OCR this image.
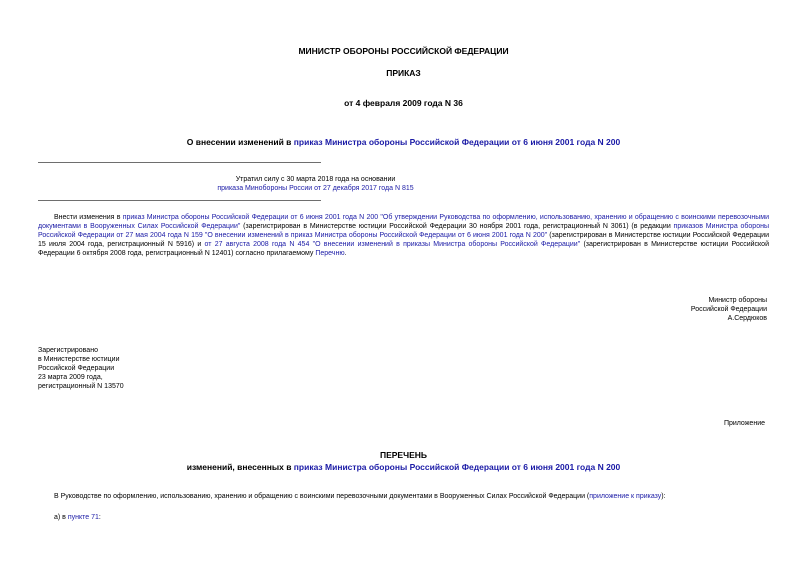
МИНИСТР ОБОРОНЫ РОССИЙСКОЙ ФЕДЕРАЦИИ
ПРИКАЗ
от 4 февраля 2009 года N 36
О внесении изменений в приказ Министра обороны Российской Федерации от 6 июня 2001 года N 200
Утратил силу с 30 марта 2018 года на основании
приказа Минобороны России от 27 декабря 2017 года N 815
Внести изменения в приказ Министра обороны Российской Федерации от 6 июня 2001 года N 200 "Об утверждении Руководства по оформлению, использованию, хранению и обращению с воинскими перевозочными документами в Вооруженных Силах Российской Федерации" (зарегистрирован в Министерстве юстиции Российской Федерации 30 ноября 2001 года, регистрационный N 3061) (в редакции приказов Министра обороны Российской Федерации от 27 мая 2004 года N 159 "О внесении изменений в приказ Министра обороны Российской Федерации от 6 июня 2001 года N 200" (зарегистрирован в Министерстве юстиции Российской Федерации 15 июля 2004 года, регистрационный N 5916) и от 27 августа 2008 года N 454 "О внесении изменений в приказы Министра обороны Российской Федерации" (зарегистрирован в Министерстве юстиции Российской Федерации 6 октября 2008 года, регистрационный N 12401) согласно прилагаемому Перечню.
Министр обороны
Российской Федерации
А.Сердюков
Зарегистрировано
в Министерстве юстиции
Российской Федерации
23 марта 2009 года,
регистрационный N 13570
Приложение
ПЕРЕЧЕНЬ
изменений, внесенных в приказ Министра обороны Российской Федерации от 6 июня 2001 года N 200
В Руководстве по оформлению, использованию, хранению и обращению с воинскими перевозочными документами в Вооруженных Силах Российской Федерации (приложение к приказу):
а) в пункте 71:
